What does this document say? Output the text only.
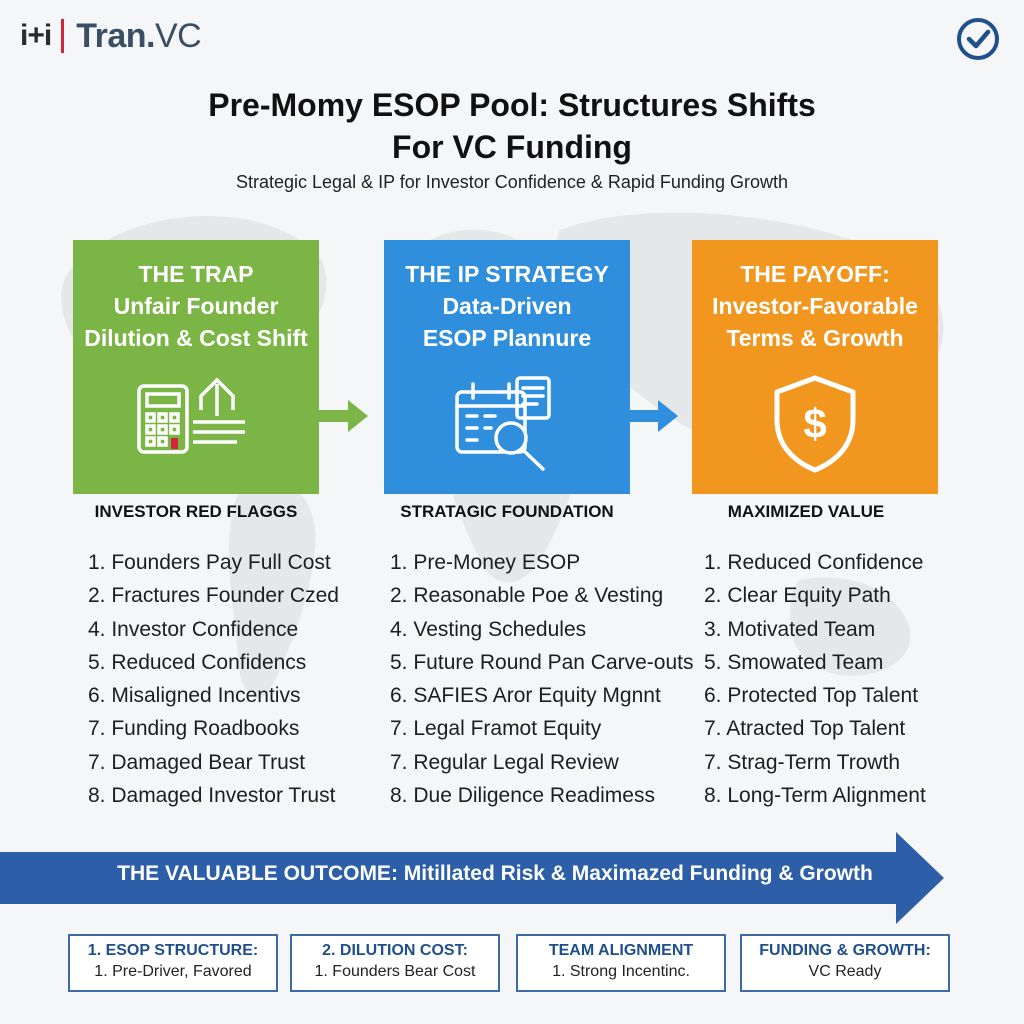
i+i Tran.VC
Pre-Momy ESOP Pool: Structures Shifts
For VC Funding
Strategic Legal & IP for Investor Confidence & Rapid Funding Growth
THE TRAP
Unfair Founder
Dilution & Cost Shift
THE IP STRATEGY
Data-Driven
ESOP Plannure
THE PAYOFF:
Investor-Favorable
Terms & Growth
$
INVESTOR RED FLAGGS	STRATAGIC FOUNDATION	MAXIMIZED VALUE
1. Founders Pay Full Cost
2. Fractures Founder Czed
4. Investor Confidence
5. Reduced Confidencs
6. Misaligned Incentivs
7. Funding Roadbooks
7. Damaged Bear Trust
8. Damaged Investor Trust
1. Pre-Money ESOP
2. Reasonable Poe & Vesting
4. Vesting Schedules
5. Future Round Pan Carve-outs
6. SAFIES Aror Equity Mgnnt
7. Legal Framot Equity
7. Regular Legal Review
8. Due Diligence Readimess
1. Reduced Confidence
2. Clear Equity Path
3. Motivated Team
5. Smowated Team
6. Protected Top Talent
7. Atracted Top Talent
7. Strag-Term Trowth
8. Long-Term Alignment
THE VALUABLE OUTCOME: Mitillated Risk & Maximazed Funding & Growth
1. ESOP STRUCTURE:
1. Pre-Driver, Favored
2. DILUTION COST:
1. Founders Bear Cost
TEAM ALIGNMENT
1. Strong Incentinc.
FUNDING & GROWTH:
VC Ready
